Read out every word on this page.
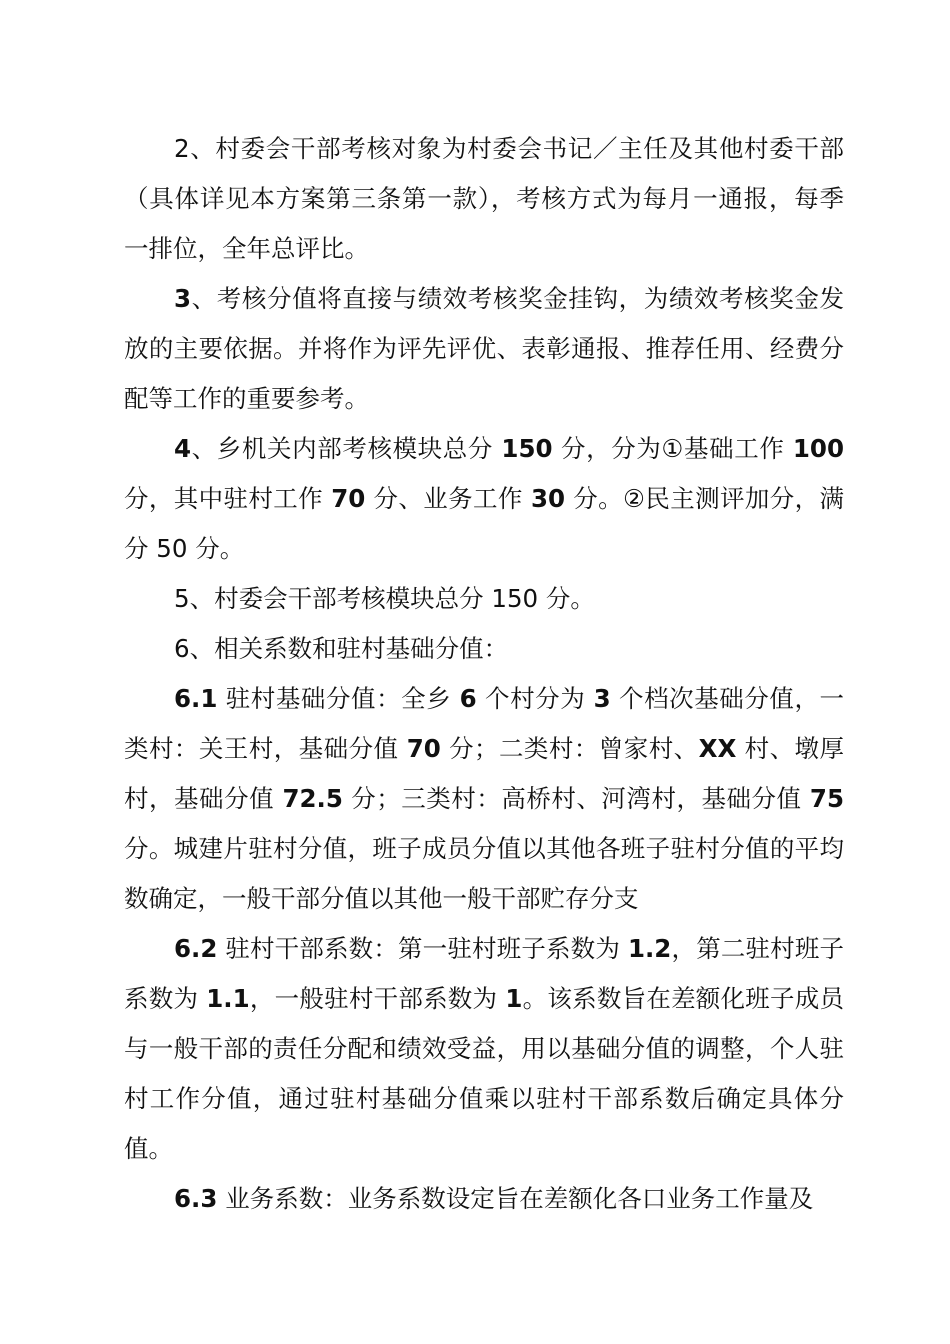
2、村委会干部考核对象为村委会书记／主任及其他村委干部（具体详见本方案第三条第一款），考核方式为每月一通报，每季一排位，全年总评比。

3、考核分值将直接与绩效考核奖金挂钩，为绩效考核奖金发放的主要依据。并将作为评先评优、表彰通报、推荐任用、经费分配等工作的重要参考。

4、乡机关内部考核模块总分 150 分，分为①基础工作 100 分，其中驻村工作 70 分、业务工作 30 分。②民主测评加分，满分 50 分。

5、村委会干部考核模块总分 150 分。

6、相关系数和驻村基础分值：

6.1 驻村基础分值：全乡 6 个村分为 3 个档次基础分值，一类村：关王村，基础分值 70 分；二类村：曾家村、XX 村、墩厚村，基础分值 72.5 分；三类村：高桥村、河湾村，基础分值 75 分。城建片驻村分值，班子成员分值以其他各班子驻村分值的平均数确定，一般干部分值以其他一般干部贮存分支

6.2 驻村干部系数：第一驻村班子系数为 1.2，第二驻村班子系数为 1.1，一般驻村干部系数为 1。该系数旨在差额化班子成员与一般干部的责任分配和绩效受益，用以基础分值的调整，个人驻村工作分值，通过驻村基础分值乘以驻村干部系数后确定具体分值。

6.3 业务系数：业务系数设定旨在差额化各口业务工作量及
